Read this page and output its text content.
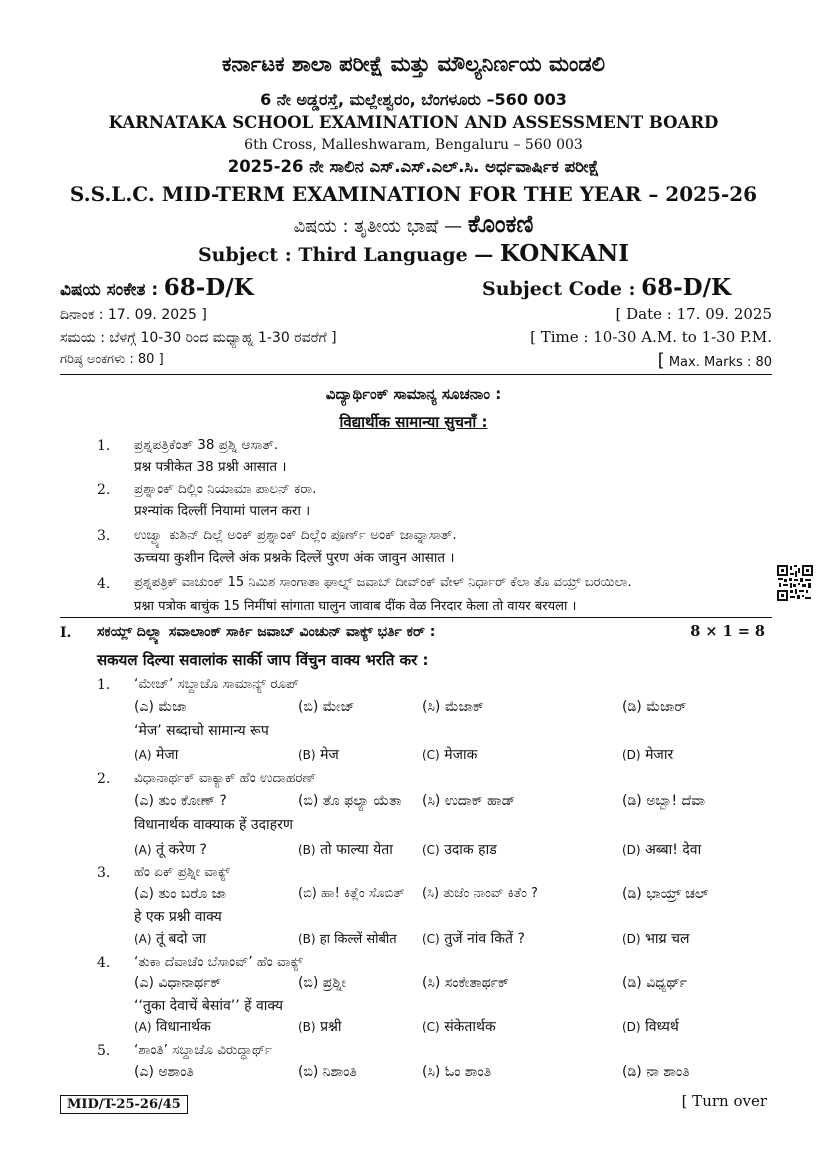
ಕರ್ನಾಟಕ ಶಾಲಾ ಪರೀಕ್ಷೆ ಮತ್ತು ಮೌಲ್ಯನಿರ್ಣಯ ಮಂಡಲಿ
6 ನೇ ಅಡ್ಡರಸ್ತೆ, ಮಲ್ಲೇಶ್ವರಂ, ಬೆಂಗಳೂರು –560 003
KARNATAKA SCHOOL EXAMINATION AND ASSESSMENT BOARD
6th Cross, Malleshwaram, Bengaluru – 560 003
2025-26 ನೇ ಸಾಲಿನ ಎಸ್.ಎಸ್.ಎಲ್.ಸಿ. ಅರ್ಧವಾರ್ಷಿಕ ಪರೀಕ್ಷೆ
S.S.L.C. MID-TERM EXAMINATION FOR THE YEAR – 2025-26
ವಿಷಯ : ತೃತೀಯ ಭಾಷೆ — ಕೊಂಕಣಿ
Subject : Third Language — KONKANI
ವಿಷಯ ಸಂಕೇತ : 68-D/K	Subject Code : 68-D/K
ದಿನಾಂಕ : 17. 09. 2025 ]	[ Date : 17. 09. 2025
ಸಮಯ : ಬೆಳಗ್ಗೆ 10-30 ರಿಂದ ಮಧ್ಯಾಹ್ನ 1-30 ರವರೆಗೆ ]	[ Time : 10-30 A.M. to 1-30 P.M.
ಗರಿಷ್ಠ ಅಂಕಗಳು : 80 ]	[ Max. Marks : 80
ವಿದ್ಯಾರ್ಥಿಂಕ್ ಸಾಮಾನ್ಯ ಸೂಚನಾಂ :
विद्यार्थीक सामान्या सुचनाँ :
1. ಪ್ರಶ್ನಪತ್ರಿಕೆಂತ್ 38 ಪ್ರಶ್ನಿ ಆಸಾತ್.
प्रश्न पत्रीकेत 38 प्रश्नी आसात ।
2. ಪ್ರಶ್ನಾಂಕ್ ದಿಲ್ಲಿಂ ನಿಯಾಮಾ ಪಾಲನ್ ಕರಾ.
प्रश्न्यांक दिल्लीं नियामां पालन करा ।
3. ಉಜ್ವ್ಯಾ ಕುಶಿನ್ ದಿಲ್ಲೆ ಅಂಕ್ ಪ್ರಶ್ನಾಂಕ್ ದಿಲ್ಲೆಂ ಪೂರ್ಣ್ ಅಂಕ್ ಜಾವ್ನಾಸಾತ್.
ऊच्चया कुशीन दिल्ले अंक प्रश्नके दिल्लें पुरण अंक जावुन आसात ।
4. ಪ್ರಶ್ನಪತ್ರಿಕ್ ವಾಚುಂಕ್ 15 ನಿಮಿಶ ಸಾಂಗಾತಾ ಘಾಲ್ನ್ ಜವಾಬ್ ದೀವ್ಂಕ್ ವೇಳ್ ನಿರ್ಧಾರ್ ಕೆಲಾ ತೊ ವಯ್ರ್ ಬರಯಿಲಾ.
प्रश्ना पत्रोक बाचुंक 15 निमींषां सांगाता घालुन जावाब दींक वेळ निरदार केला तो वायर बरयला ।
I. ಸಕಯ್ಲ್ ದಿಲ್ಲ್ಯಾ ಸವಾಲಾಂಕ್ ಸಾರ್ಕಿ ಜವಾಬ್ ವಿಂಚುನ್ ವಾಕ್ಯ್ ಭರ್ತಿ ಕರ್ :	8 × 1 = 8
सकयल दिल्या सवालांक सार्की जाप विंचुन वाक्य भरति कर :
1. ‘ಮೇಜ್’ ಸಬ್ದಾಚೊ ಸಾಮಾನ್ಯ್ ರೂಪ್
(ಎ) ಮೆಜಾ	(ಬಿ) ಮೇಜ್	(ಸಿ) ಮೆಜಾಕ್	(ಡಿ) ಮೆಜಾರ್
‘मेज’ सब्दाचो सामान्य रूप
(A) मेजा	(B) मेज	(C) मेजाक	(D) मेजार
2. ವಿಧಾನಾರ್ಥಕ್ ವಾಕ್ಯಾಕ್ ಹೆಂ ಉದಾಹರಣ್
(ಎ) ತುಂ ಕೋಣ್ ?	(ಬಿ) ತೊ ಫಲ್ಯಾ ಯೆತಾ (ಸಿ) ಉದಾಕ್ ಹಾಡ್	(ಡಿ) ಅಬ್ಬಾ! ದೆವಾ
विधानार्थक वाक्याक हें उदाहरण
(A) तूं करेण ?	(B) तो फाल्या येता (C) उदाक हाड	(D) अब्बा! देवा
3. ಹೆಂ ಏಕ್ ಪ್ರಶ್ನೀ ವಾಕ್ಯ್
(ಎ) ತುಂ ಬರೊ ಜಾ	(ಬಿ) ಹಾ! ಕಿತ್ಲೆಂ ಸೊಬಿತ್ (ಸಿ) ತುಜೆಂ ನಾಂವ್ ಕಿತೆಂ ?	(ಡಿ) ಭಾಯ್ರ್ ಚಲ್
हे एक प्रश्नी वाक्य
(A) तूं बदो जा	(B) हा किल्लें सोबीत (C) तुजें नांव कितें ?	(D) भाय्र चल
4. ‘ತುಕಾ ದೆವಾಚೆಂ ಬೆಸಾಂವ್’ ಹೆಂ ವಾಕ್ಯ್
(ಎ) ವಿಧಾನಾರ್ಥಕ್	(ಬಿ) ಪ್ರಶ್ನೀ	(ಸಿ) ಸಂಕೇತಾರ್ಥಕ್	(ಡಿ) ವಿಧ್ಯರ್ಥ್
‘‘तुका देवाचें बेसांव’’ हें वाक्य
(A) विधानार्थक	(B) प्रश्नी	(C) संकेतार्थक	(D) विध्यर्थ
5. ‘ಶಾಂತಿ’ ಸಬ್ದಾಚೊ ವಿರುದ್ಧಾರ್ಥ್
(ಎ) ಅಶಾಂತಿ	(ಬಿ) ನಿಶಾಂತಿ	(ಸಿ) ಓಂ ಶಾಂತಿ	(ಡಿ) ನಾ ಶಾಂತಿ
MID/T-25-26/45	[ Turn over
